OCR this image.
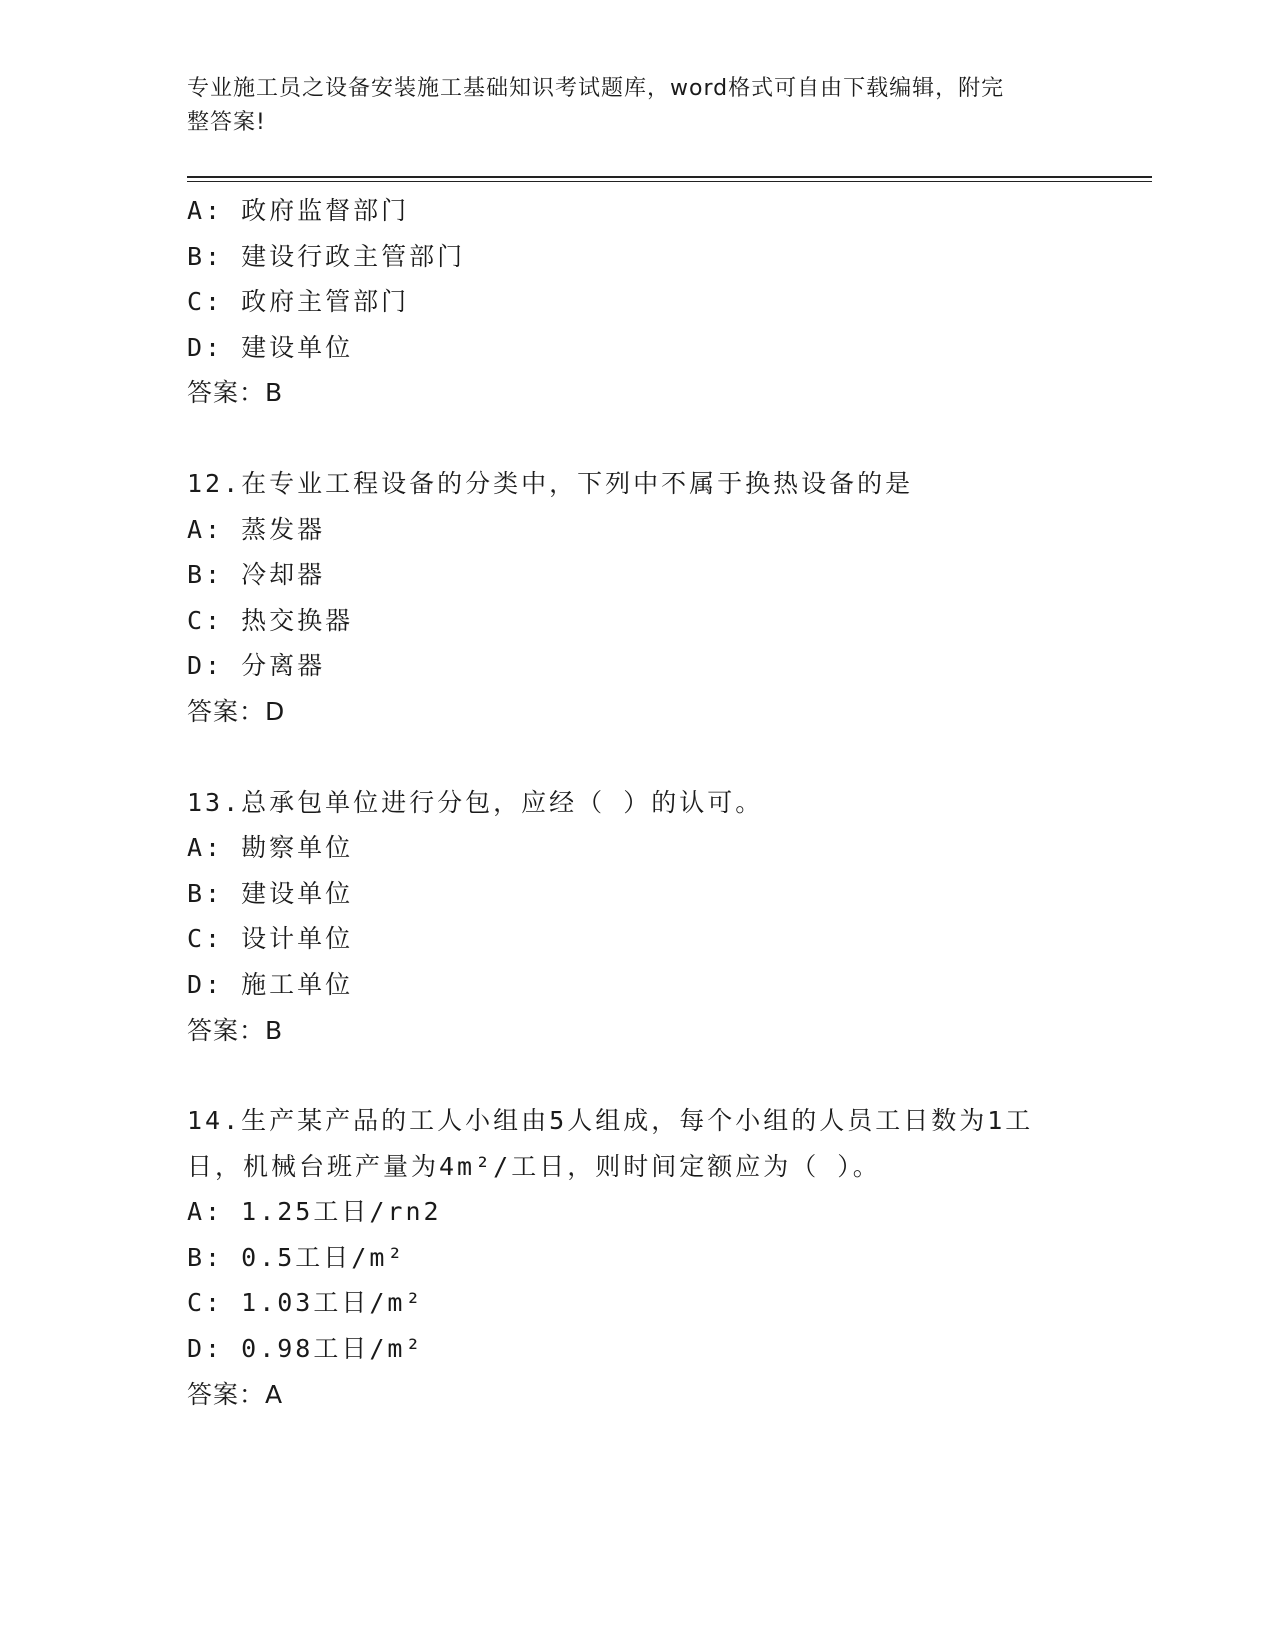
专业施工员之设备安装施工基础知识考试题库，word格式可自由下载编辑，附完
整答案!
A: 政府监督部门
B: 建设行政主管部门
C: 政府主管部门
D: 建设单位
答案：B
12.在专业工程设备的分类中，下列中不属于换热设备的是
A: 蒸发器
B: 冷却器
C: 热交换器
D: 分离器
答案：D
13.总承包单位进行分包，应经（ ）的认可。
A: 勘察单位
B: 建设单位
C: 设计单位
D: 施工单位
答案：B
14.生产某产品的工人小组由5人组成，每个小组的人员工日数为1工
日，机械台班产量为4m²/工日，则时间定额应为（ ）。
A: 1.25工日/rn2
B: 0.5工日/m²
C: 1.03工日/m²
D: 0.98工日/m²
答案：A
